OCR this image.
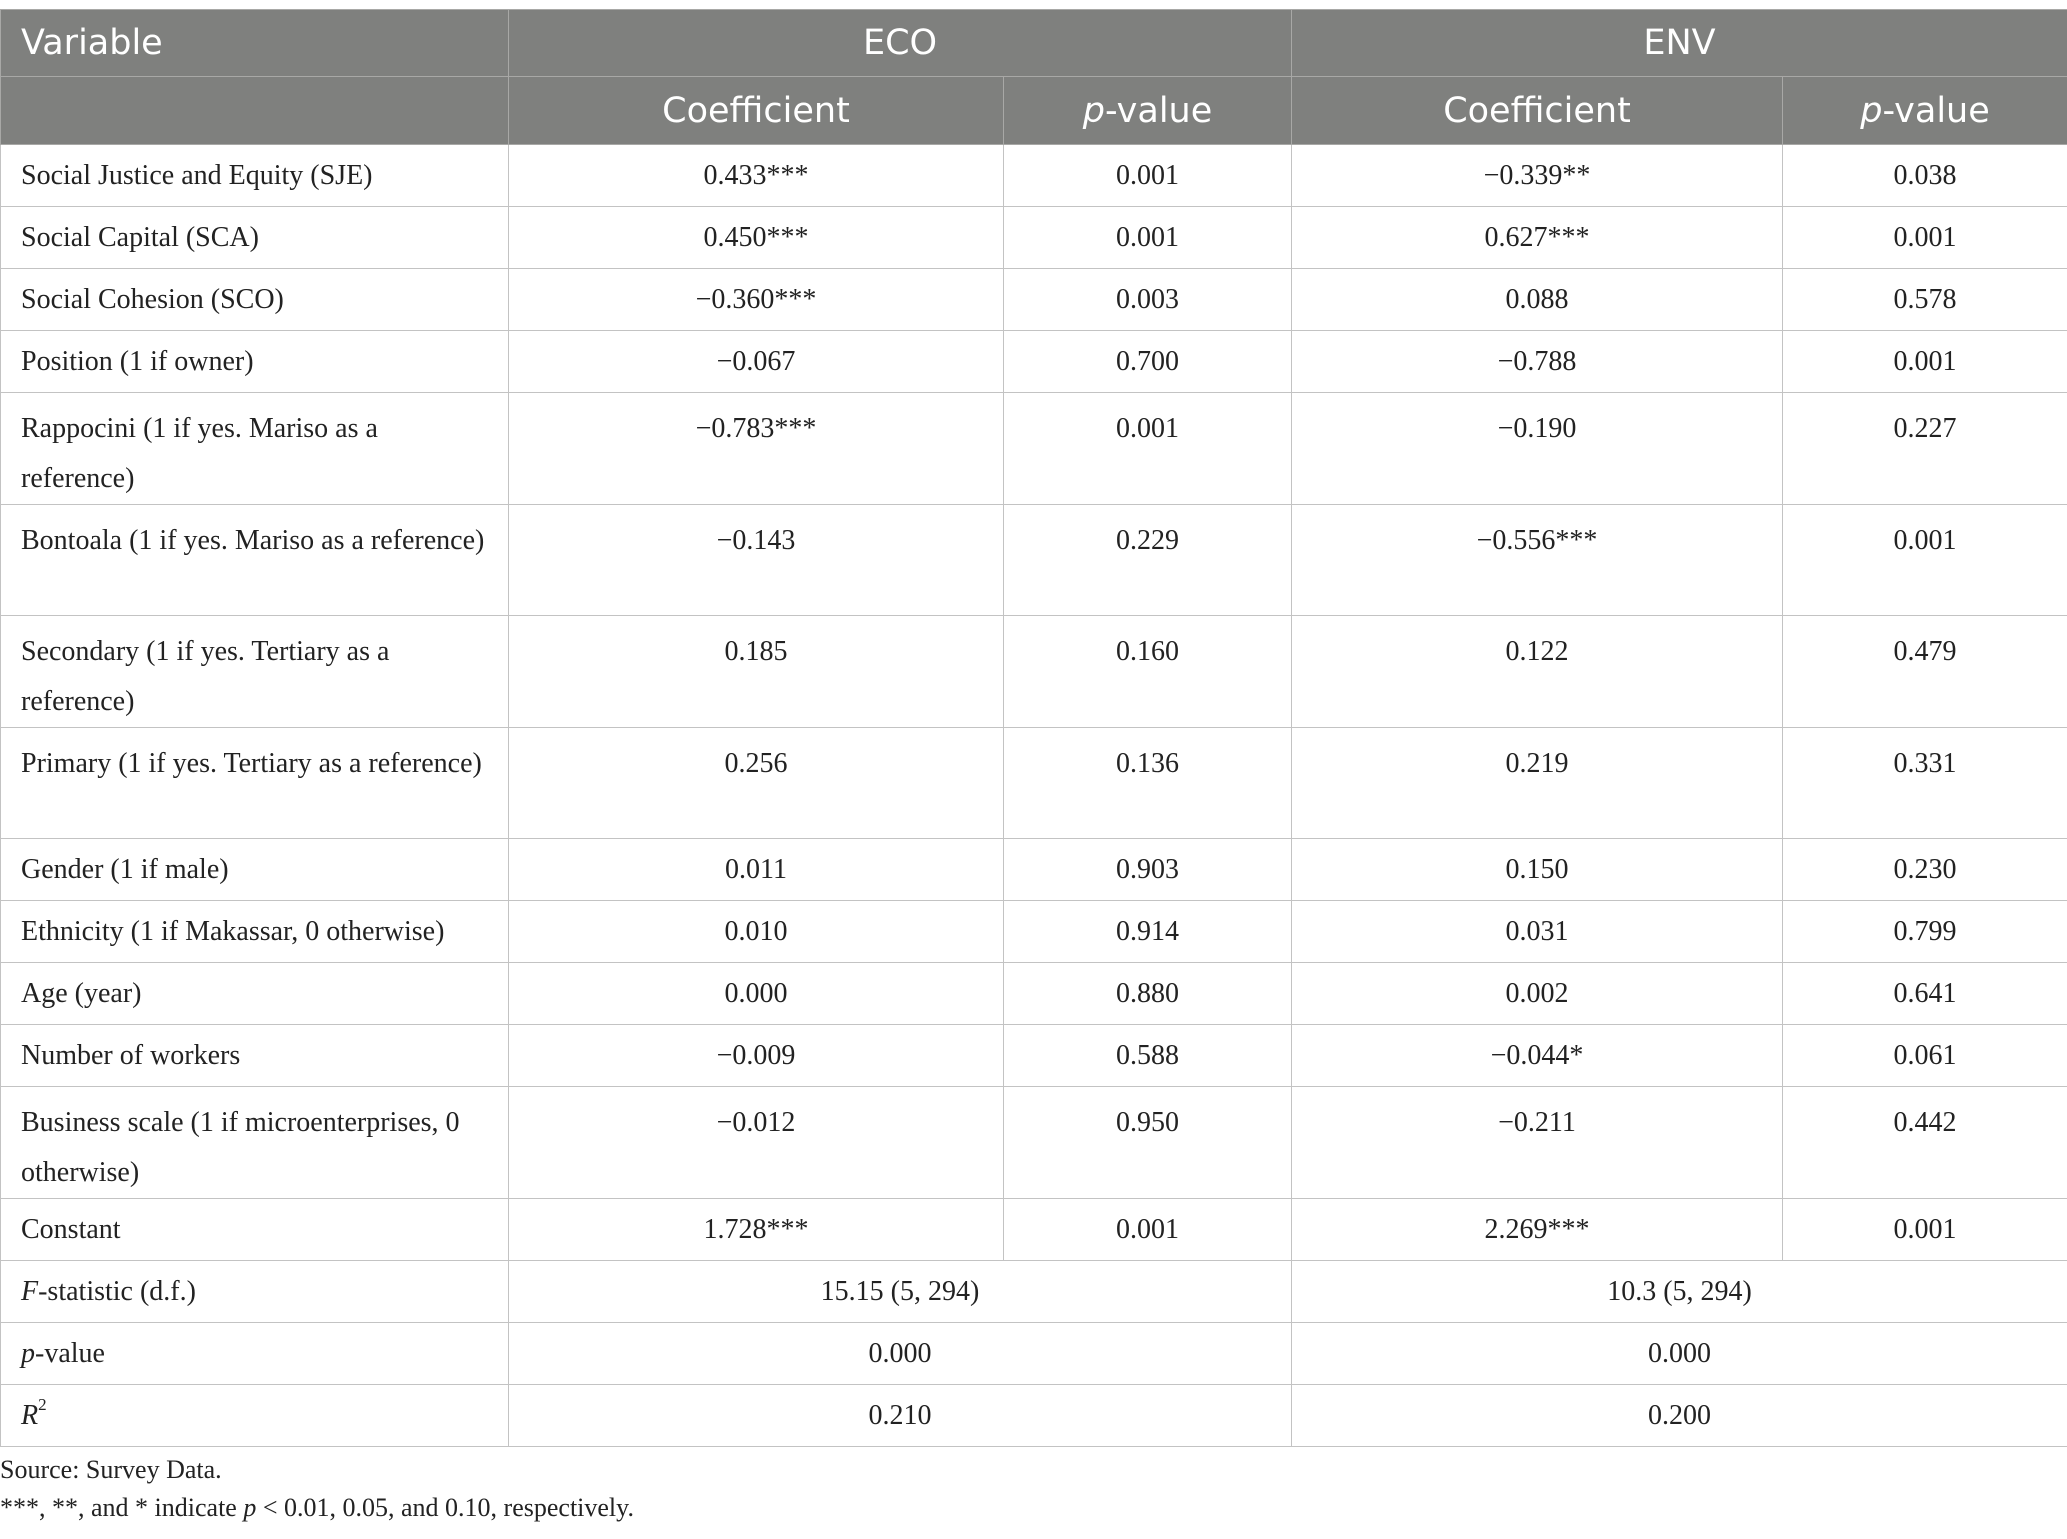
Variable	ECO		ENV	
	Coefficient	p-value	Coefficient	p-value
Social Justice and Equity (SJE)	0.433***	0.001	−0.339**	0.038
Social Capital (SCA)	0.450***	0.001	0.627***	0.001
Social Cohesion (SCO)	−0.360***	0.003	0.088	0.578
Position (1 if owner)	−0.067	0.700	−0.788	0.001
Rappocini (1 if yes. Mariso as a reference)	−0.783***	0.001	−0.190	0.227
Bontoala (1 if yes. Mariso as a reference)	−0.143	0.229	−0.556***	0.001
Secondary (1 if yes. Tertiary as a reference)	0.185	0.160	0.122	0.479
Primary (1 if yes. Tertiary as a reference)	0.256	0.136	0.219	0.331
Gender (1 if male)	0.011	0.903	0.150	0.230
Ethnicity (1 if Makassar, 0 otherwise)	0.010	0.914	0.031	0.799
Age (year)	0.000	0.880	0.002	0.641
Number of workers	−0.009	0.588	−0.044*	0.061
Business scale (1 if microenterprises, 0 otherwise)	−0.012	0.950	−0.211	0.442
Constant	1.728***	0.001	2.269***	0.001
F-statistic (d.f.)	15.15 (5, 294)		10.3 (5, 294)	
p-value	0.000		0.000	
$R^2$	0.210		0.200	
Source: Survey Data.
***, **, and * indicate p < 0.01, 0.05, and 0.10, respectively.
